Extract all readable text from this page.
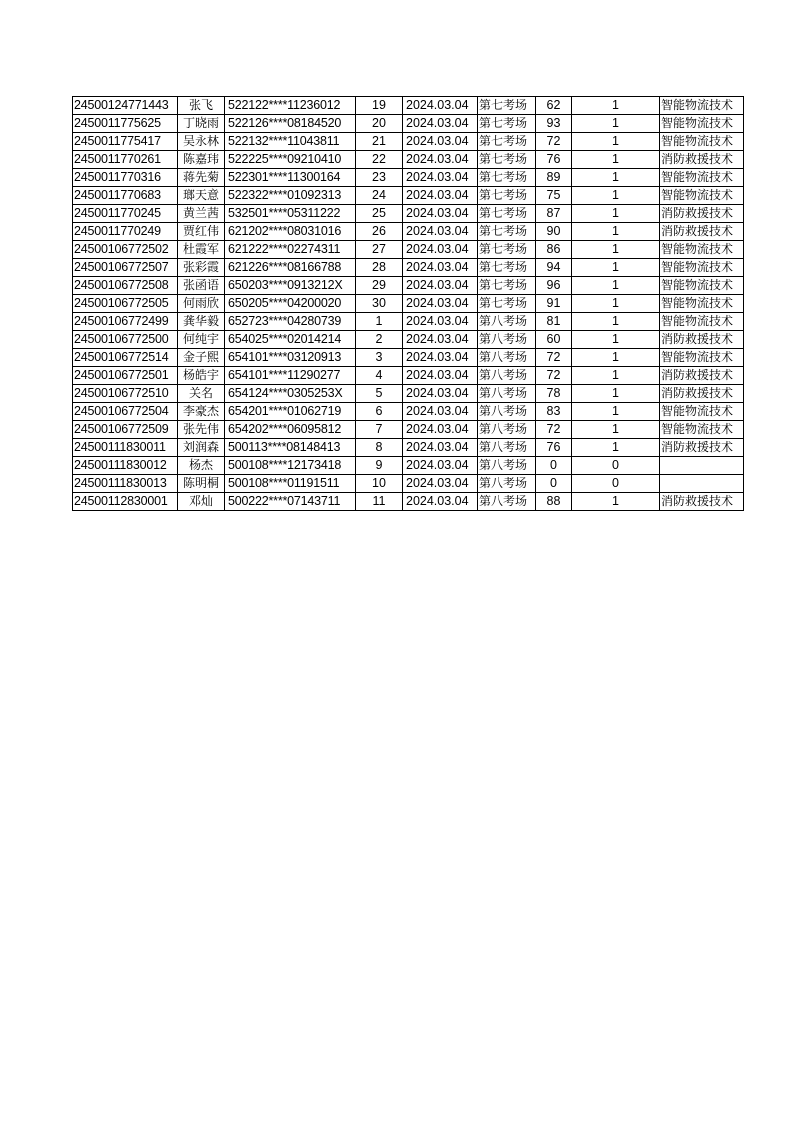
24500124771443	张飞	522122****11236012	19	2024.03.04	第七考场	62	1	智能物流技术
2450011775625	丁晓雨	522126****08184520	20	2024.03.04	第七考场	93	1	智能物流技术
2450011775417	吴永林	522132****11043811	21	2024.03.04	第七考场	72	1	智能物流技术
2450011770261	陈嘉玮	522225****09210410	22	2024.03.04	第七考场	76	1	消防救援技术
2450011770316	蒋先菊	522301****11300164	23	2024.03.04	第七考场	89	1	智能物流技术
2450011770683	瑯天意	522322****01092313	24	2024.03.04	第七考场	75	1	智能物流技术
2450011770245	黄兰茜	532501****05311222	25	2024.03.04	第七考场	87	1	消防救援技术
2450011770249	贾红伟	621202****08031016	26	2024.03.04	第七考场	90	1	消防救援技术
24500106772502	杜霞军	621222****02274311	27	2024.03.04	第七考场	86	1	智能物流技术
24500106772507	张彩霞	621226****08166788	28	2024.03.04	第七考场	94	1	智能物流技术
24500106772508	张函语	650203****0913212X	29	2024.03.04	第七考场	96	1	智能物流技术
24500106772505	何雨欣	650205****04200020	30	2024.03.04	第七考场	91	1	智能物流技术
24500106772499	龚华毅	652723****04280739	1	2024.03.04	第八考场	81	1	智能物流技术
24500106772500	何纯宇	654025****02014214	2	2024.03.04	第八考场	60	1	消防救援技术
24500106772514	金子熙	654101****03120913	3	2024.03.04	第八考场	72	1	智能物流技术
24500106772501	杨皓宇	654101****11290277	4	2024.03.04	第八考场	72	1	消防救援技术
24500106772510	关名	654124****0305253X	5	2024.03.04	第八考场	78	1	消防救援技术
24500106772504	李豪杰	654201****01062719	6	2024.03.04	第八考场	83	1	智能物流技术
24500106772509	张先伟	654202****06095812	7	2024.03.04	第八考场	72	1	智能物流技术
24500111830011	刘润森	500113****08148413	8	2024.03.04	第八考场	76	1	消防救援技术
24500111830012	杨杰	500108****12173418	9	2024.03.04	第八考场	0	0	
24500111830013	陈明桐	500108****01191511	10	2024.03.04	第八考场	0	0	
24500112830001	邓灿	500222****07143711	11	2024.03.04	第八考场	88	1	消防救援技术
